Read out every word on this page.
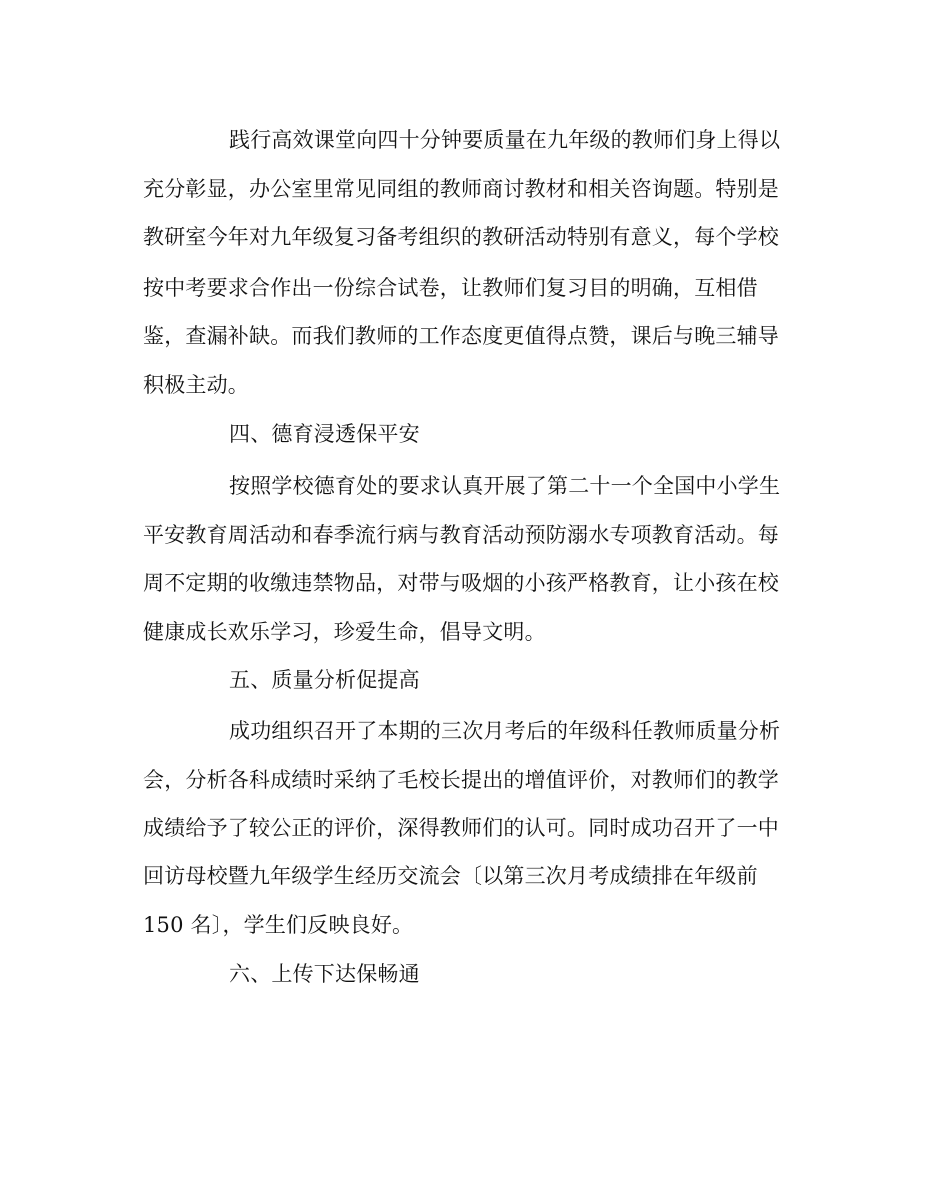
践行高效课堂向四十分钟要质量在九年级的教师们身上得以
充分彰显，办公室里常见同组的教师商讨教材和相关咨询题。特别是
教研室今年对九年级复习备考组织的教研活动特别有意义，每个学校
按中考要求合作出一份综合试卷，让教师们复习目的明确，互相借
鉴，查漏补缺。而我们教师的工作态度更值得点赞，课后与晚三辅导
积极主动。
四、德育浸透保平安
按照学校德育处的要求认真开展了第二十一个全国中小学生
平安教育周活动和春季流行病与教育活动预防溺水专项教育活动。每
周不定期的收缴违禁物品，对带与吸烟的小孩严格教育，让小孩在校
健康成长欢乐学习，珍爱生命，倡导文明。
五、质量分析促提高
成功组织召开了本期的三次月考后的年级科任教师质量分析
会，分析各科成绩时采纳了毛校长提出的增值评价，对教师们的教学
成绩给予了较公正的评价，深得教师们的认可。同时成功召开了一中
回访母校暨九年级学生经历交流会〔以第三次月考成绩排在年级前
150 名〕，学生们反映良好。
六、上传下达保畅通
